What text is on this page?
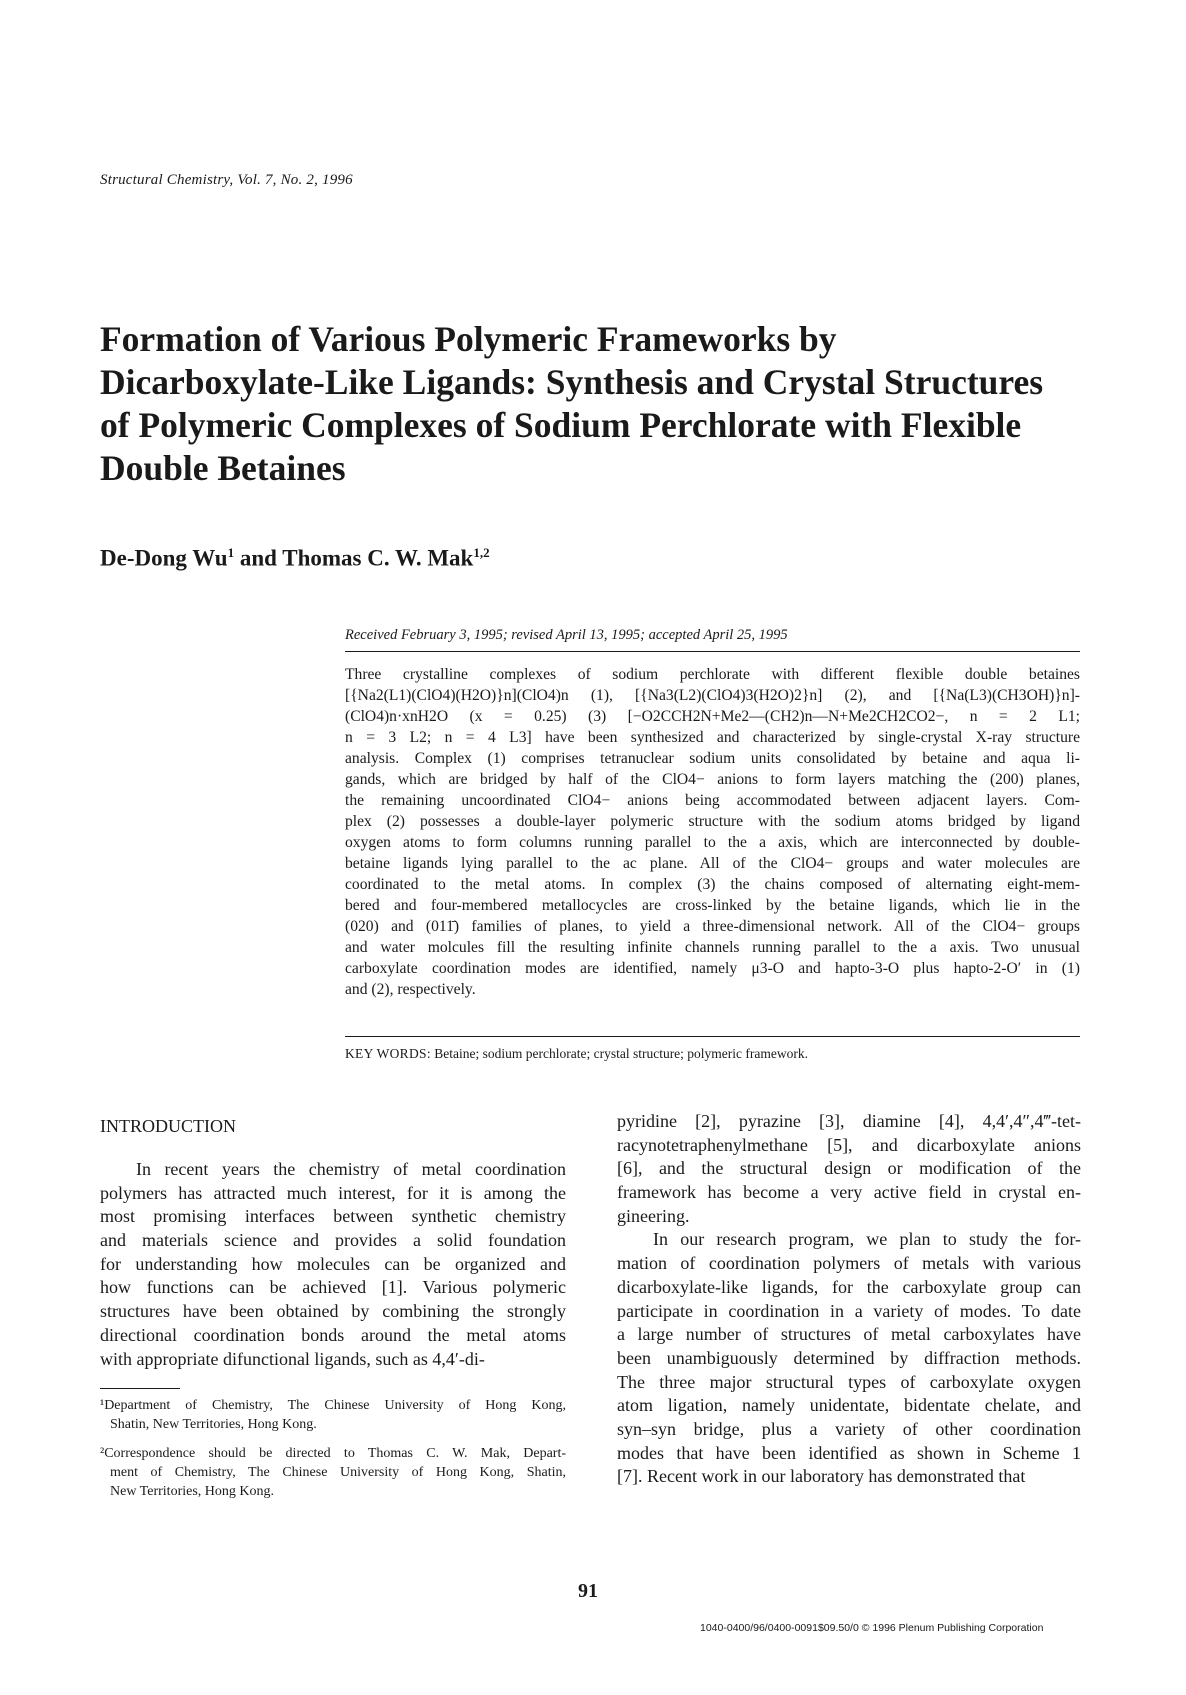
Structural Chemistry, Vol. 7, No. 2, 1996
Formation of Various Polymeric Frameworks by
Dicarboxylate-Like Ligands: Synthesis and Crystal Structures
of Polymeric Complexes of Sodium Perchlorate with Flexible
Double Betaines
De-Dong Wu$^1$ and Thomas C. W. Mak$^{1,2}$
Received February 3, 1995; revised April 13, 1995; accepted April 25, 1995
Three crystalline complexes of sodium perchlorate with different flexible double betaines
[{Na2(L1)(ClO4)(H2O)}n](ClO4)n (1), [{Na3(L2)(ClO4)3(H2O)2}n] (2), and [{Na(L3)(CH3OH)}n]-
(ClO4)n·xnH2O (x = 0.25) (3) [−O2CCH2N+Me2—(CH2)n—N+Me2CH2CO2−, n = 2 L1;
n = 3 L2; n = 4 L3] have been synthesized and characterized by single-crystal X-ray structure
analysis. Complex (1) comprises tetranuclear sodium units consolidated by betaine and aqua li-
gands, which are bridged by half of the ClO4− anions to form layers matching the (200) planes,
the remaining uncoordinated ClO4− anions being accommodated between adjacent layers. Com-
plex (2) possesses a double-layer polymeric structure with the sodium atoms bridged by ligand
oxygen atoms to form columns running parallel to the a axis, which are interconnected by double-
betaine ligands lying parallel to the ac plane. All of the ClO4− groups and water molecules are
coordinated to the metal atoms. In complex (3) the chains composed of alternating eight-mem-
bered and four-membered metallocycles are cross-linked by the betaine ligands, which lie in the
(020) and (011̄) families of planes, to yield a three-dimensional network. All of the ClO4− groups
and water molcules fill the resulting infinite channels running parallel to the a axis. Two unusual
carboxylate coordination modes are identified, namely μ3-O and hapto-3-O plus hapto-2-O′ in (1)
and (2), respectively.
KEY WORDS: Betaine; sodium perchlorate; crystal structure; polymeric framework.
INTRODUCTION
In recent years the chemistry of metal coordination
polymers has attracted much interest, for it is among the
most promising interfaces between synthetic chemistry
and materials science and provides a solid foundation
for understanding how molecules can be organized and
how functions can be achieved [1]. Various polymeric
structures have been obtained by combining the strongly
directional coordination bonds around the metal atoms
with appropriate difunctional ligands, such as 4,4′-di-
pyridine [2], pyrazine [3], diamine [4], 4,4′,4″,4‴-tet-
racynotetraphenylmethane [5], and dicarboxylate anions
[6], and the structural design or modification of the
framework has become a very active field in crystal en-
gineering.
In our research program, we plan to study the for-
mation of coordination polymers of metals with various
dicarboxylate-like ligands, for the carboxylate group can
participate in coordination in a variety of modes. To date
a large number of structures of metal carboxylates have
been unambiguously determined by diffraction methods.
The three major structural types of carboxylate oxygen
atom ligation, namely unidentate, bidentate chelate, and
syn–syn bridge, plus a variety of other coordination
modes that have been identified as shown in Scheme 1
[7]. Recent work in our laboratory has demonstrated that
¹Department of Chemistry, The Chinese University of Hong Kong,
Shatin, New Territories, Hong Kong.
²Correspondence should be directed to Thomas C. W. Mak, Depart-
ment of Chemistry, The Chinese University of Hong Kong, Shatin,
New Territories, Hong Kong.
91
1040-0400/96/0400-0091$09.50/0 © 1996 Plenum Publishing Corporation
